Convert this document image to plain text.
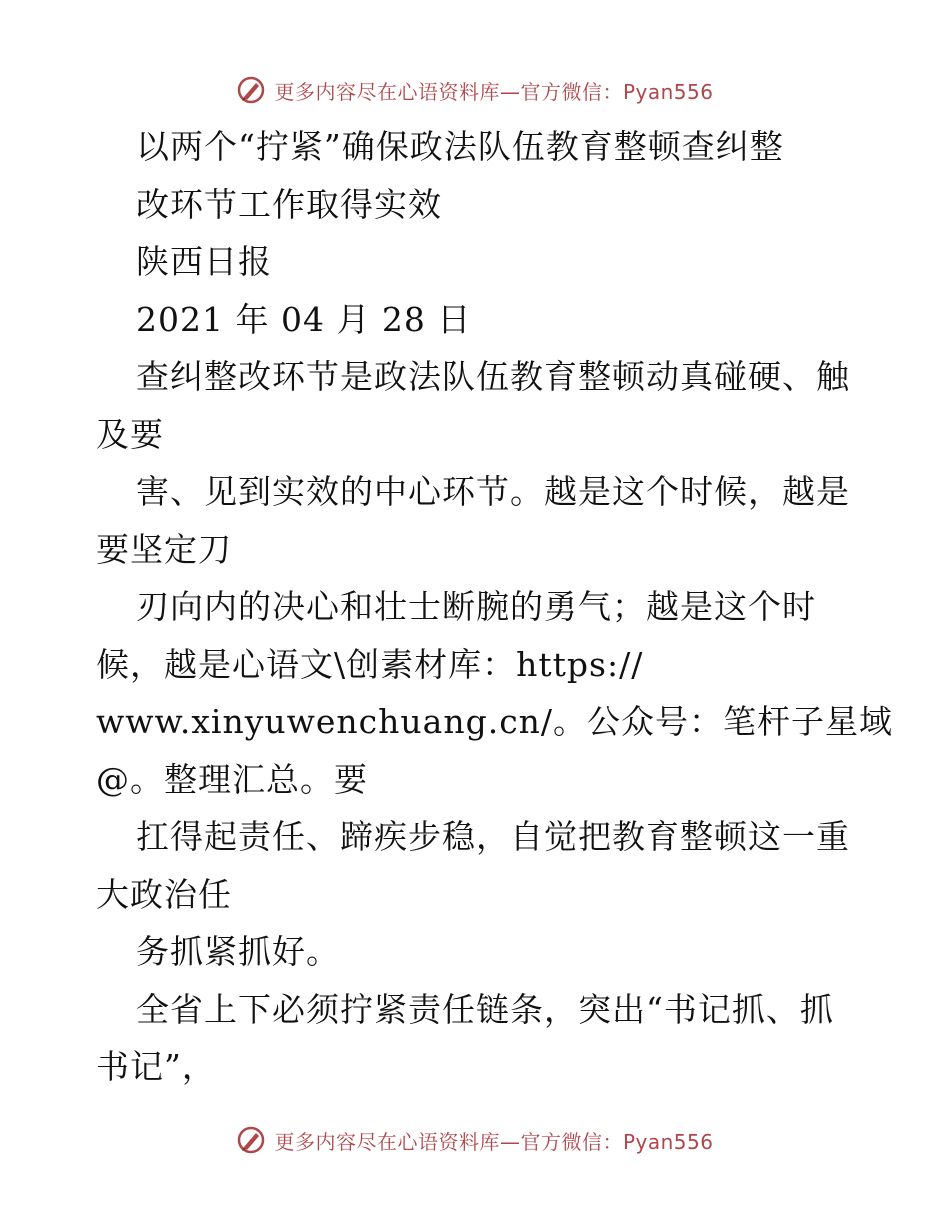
更多内容尽在心语资料库—官方微信：Pyan556
以两个“拧紧”确保政法队伍教育整顿查纠整
改环节工作取得实效
陕西日报
2021 年 04 月 28 日
查纠整改环节是政法队伍教育整顿动真碰硬、触
及要
害、见到实效的中心环节。越是这个时候，越是
要坚定刀
刃向内的决心和壮士断腕的勇气；越是这个时
候，越是心语文\创素材库：https://
www.xinyuwenchuang.cn/。公众号：笔杆子星域
@。整理汇总。要
扛得起责任、蹄疾步稳，自觉把教育整顿这一重
大政治任
务抓紧抓好。
全省上下必须拧紧责任链条，突出“书记抓、抓
书记”，
更多内容尽在心语资料库—官方微信：Pyan556
